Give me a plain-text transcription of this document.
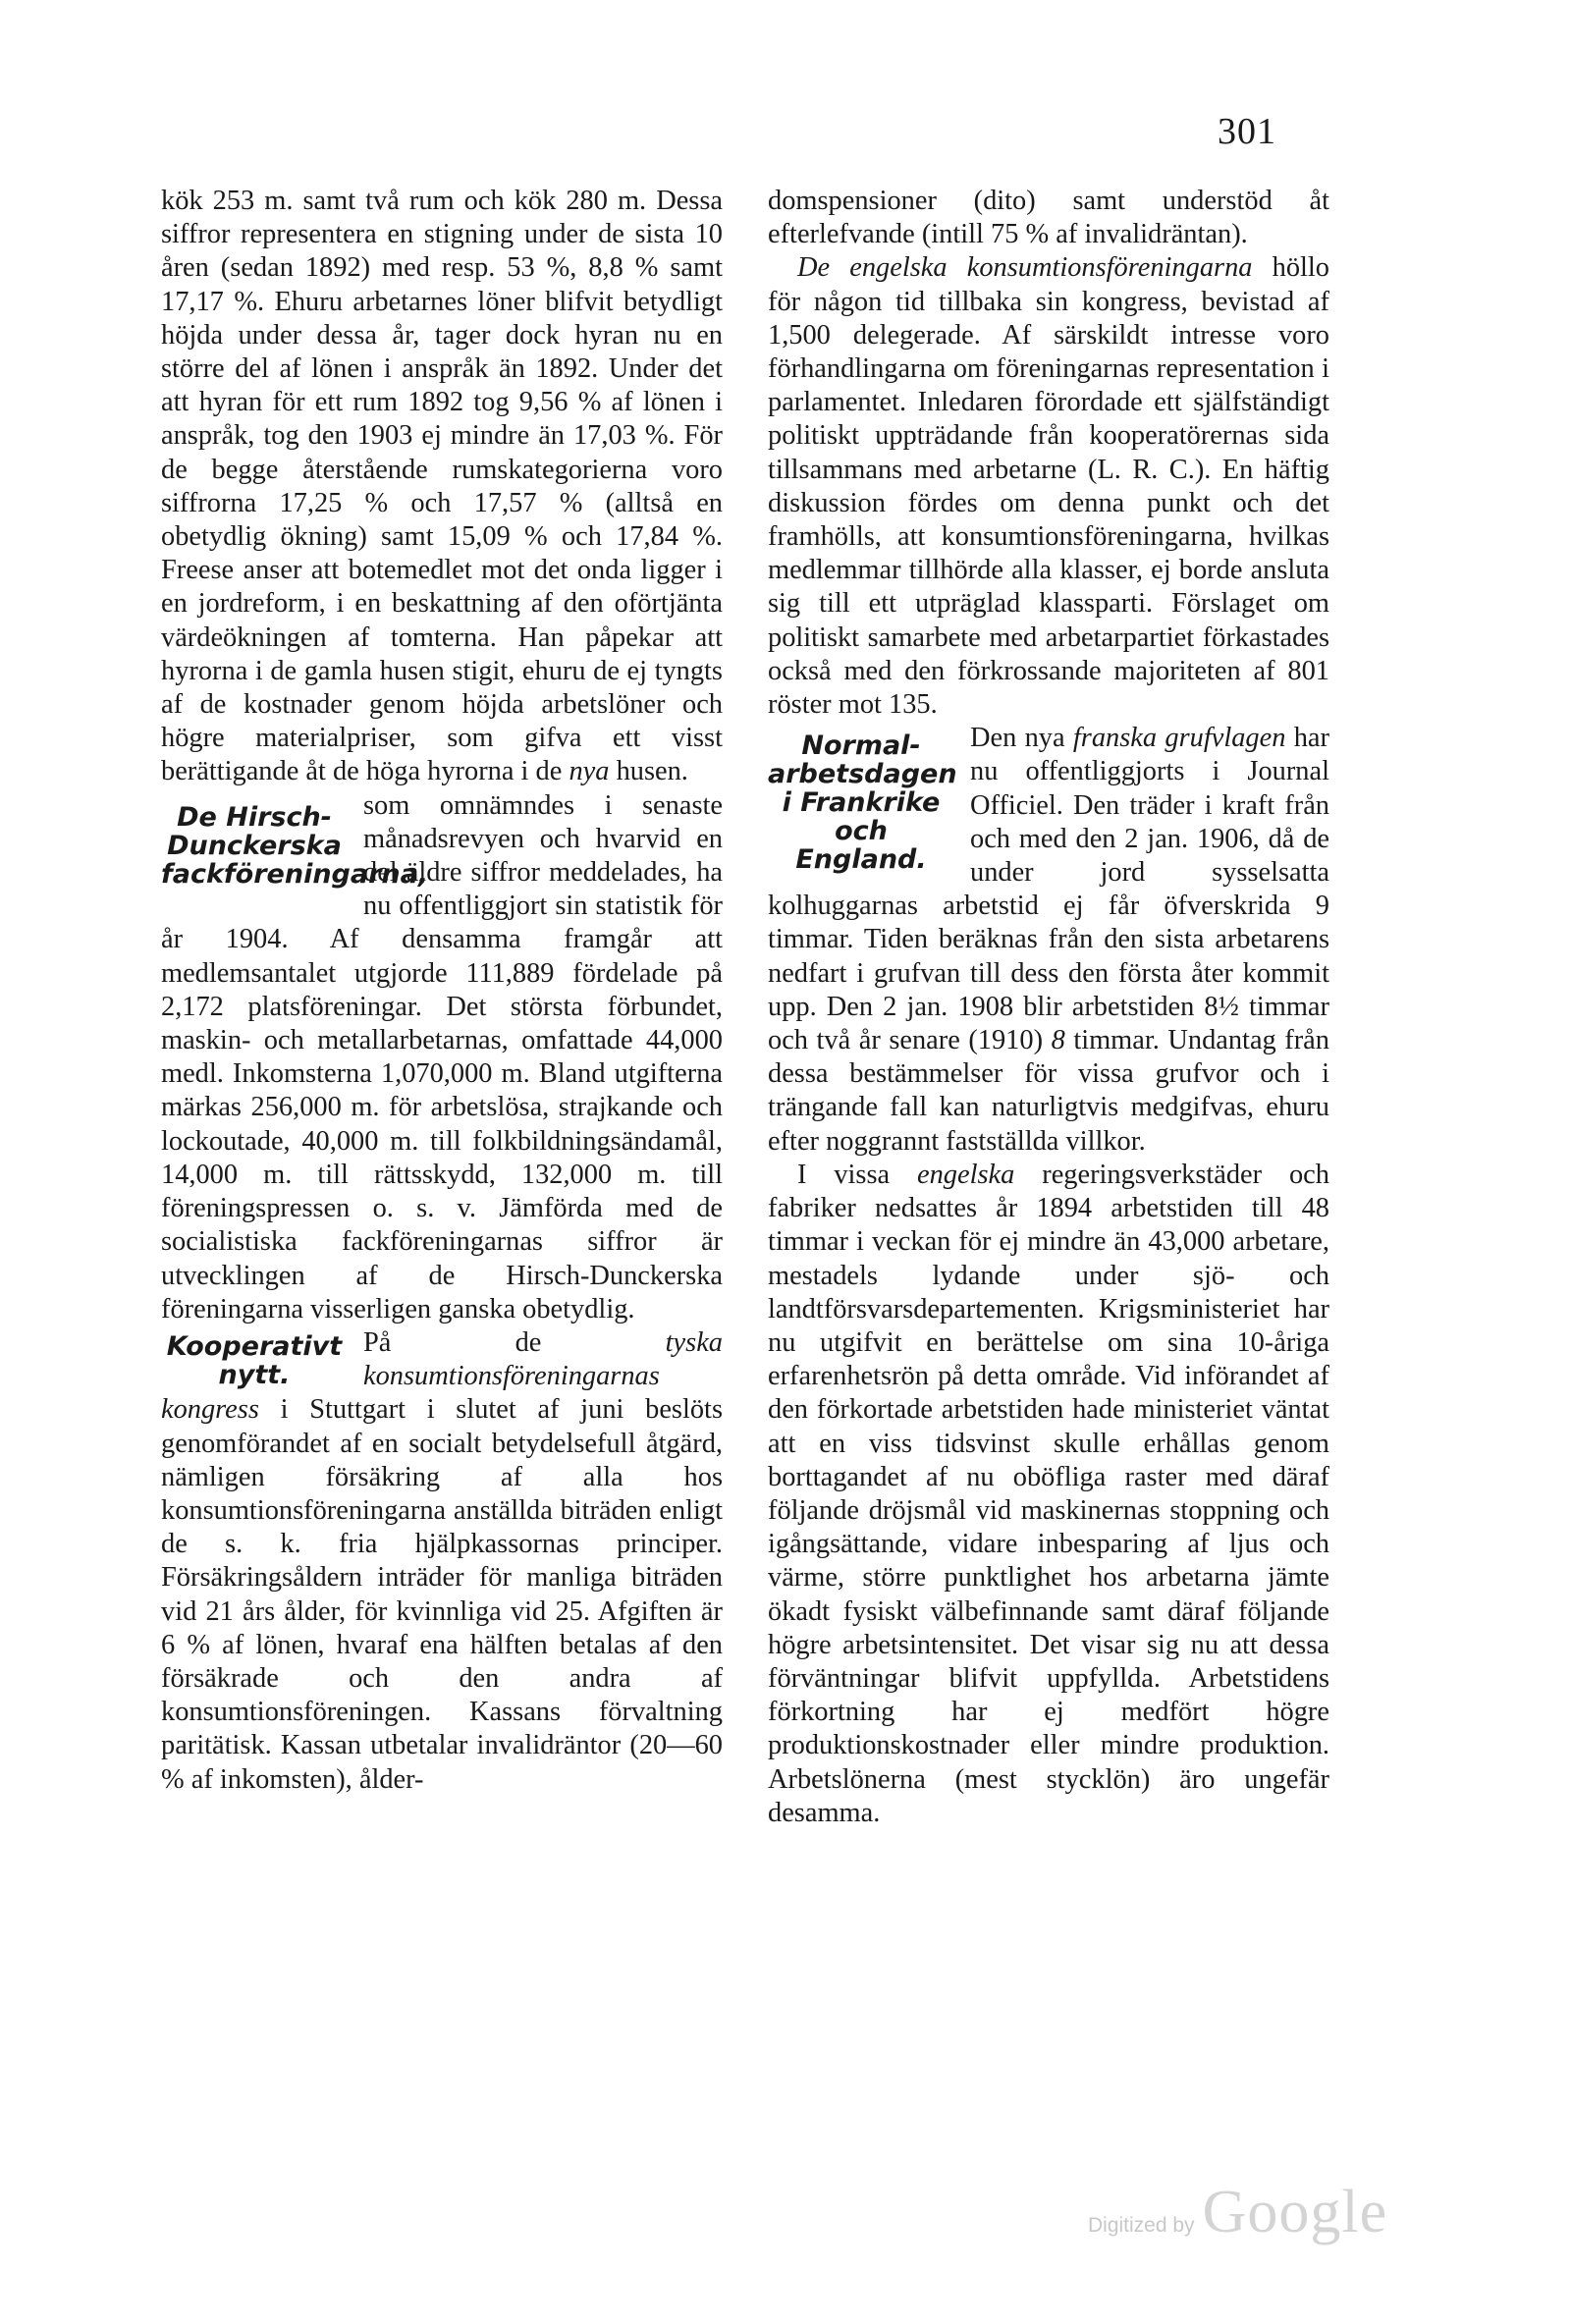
301

kök 253 m. samt två rum och kök 280 m. Dessa siffror representera en stigning under de sista 10 åren (sedan 1892) med resp. 53 %, 8,8 % samt 17,17 %. Ehuru arbetarnes löner blifvit betydligt höjda under dessa år, tager dock hyran nu en större del af lönen i anspråk än 1892. Under det att hyran för ett rum 1892 tog 9,56 % af lönen i anspråk, tog den 1903 ej mindre än 17,03 %. För de begge återstående rumskategorierna voro siffrorna 17,25 % och 17,57 % (alltså en obetydlig ökning) samt 15,09 % och 17,84 %. Freese anser att botemedlet mot det onda ligger i en jordreform, i en beskattning af den oförtjänta värdeökningen af tomterna. Han påpekar att hyrorna i de gamla husen stigit, ehuru de ej tyngts af de kostnader genom höjda arbetslöner och högre materialpriser, som gifva ett visst berättigande åt de höga hyrorna i de nya husen.

De Hirsch-Dunckerska fackföreningarna,

som omnämndes i senaste månadsrevyen och hvarvid en del äldre siffror meddelades, ha nu offentliggjort sin statistik för år 1904. Af densamma framgår att medlemsantalet utgjorde 111,889 fördelade på 2,172 platsföreningar. Det största förbundet, maskin- och metallarbetarnas, omfattade 44,000 medl. Inkomsterna 1,070,000 m. Bland utgifterna märkas 256,000 m. för arbetslösa, strajkande och lockoutade, 40,000 m. till folkbildningsändamål, 14,000 m. till rättsskydd, 132,000 m. till föreningspressen o. s. v. Jämförda med de socialistiska fackföreningarnas siffror är utvecklingen af de Hirsch-Dunckerska föreningarna visserligen ganska obetydlig.

Kooperativt nytt.

På de	tyska konsumtionsföreningarnas kongress i Stuttgart i slutet af juni beslöts genomförandet af en socialt betydelsefull åtgärd, nämligen försäkring af alla hos konsumtionsföreningarna anställda biträden enligt de s. k. fria hjälpkassornas principer. Försäkringsåldern inträder för manliga biträden vid 21 års ålder, för kvinnliga vid 25. Afgiften är 6 % af lönen, hvaraf ena hälften betalas af den försäkrade och den andra af konsumtionsföreningen. Kassans förvaltning paritätisk. Kassan utbetalar invalidräntor (20—60 % af inkomsten), ålder-

domspensioner (dito) samt understöd åt efterlefvande (intill 75 % af invalidräntan).

De engelska konsumtionsföreningarna höllo för någon tid tillbaka sin kongress, bevistad af 1,500 delegerade. Af särskildt intresse voro förhandlingarna om föreningarnas representation i parlamentet. Inledaren förordade ett själfständigt politiskt uppträdande från kooperatörernas sida tillsammans med arbetarne (L. R. C.). En häftig diskussion fördes om denna punkt och det framhölls, att konsumtionsföreningarna, hvilkas medlemmar tillhörde alla klasser, ej borde ansluta sig till ett utpräglad klassparti. Förslaget om politiskt samarbete med arbetarpartiet förkastades också med den förkrossande majoriteten af 801 röster mot 135.

Normal-arbetsdagen i Frankrike och England.

Den nya franska grufvlagen har nu offentliggjorts i Journal Officiel. Den träder i kraft från och med den 2 jan. 1906, då de under jord sysselsatta kolhuggarnas arbetstid ej får öfverskrida 9 timmar. Tiden beräknas från den sista arbetarens nedfart i grufvan till dess den första åter kommit upp. Den 2 jan. 1908 blir arbetstiden 8½ timmar och två år senare (1910) 8 timmar. Undantag från dessa bestämmelser för vissa grufvor och i trängande fall kan naturligtvis medgifvas, ehuru efter noggrannt fastställda villkor.

I vissa engelska regeringsverkstäder och fabriker nedsattes år 1894 arbetstiden till 48 timmar i veckan för ej mindre än 43,000 arbetare, mestadels lydande under sjö- och landtförsvarsdepartementen. Krigsministeriet har nu utgifvit en berättelse om sina 10-åriga erfarenhetsrön på detta område. Vid införandet af den förkortade arbetstiden hade ministeriet väntat att en viss tidsvinst skulle erhållas genom borttagandet af nu oböfliga raster med däraf följande dröjsmål vid maskinernas stoppning och igångsättande, vidare inbesparing af ljus och värme, större punktlighet hos arbetarna jämte ökadt fysiskt välbefinnande samt däraf följande högre arbetsintensitet. Det visar sig nu att dessa förväntningar blifvit uppfyllda. Arbetstidens förkortning har ej medfört högre produktionskostnader eller mindre produktion. Arbetslönerna (mest stycklön) äro ungefär desamma.

Digitized by Google
